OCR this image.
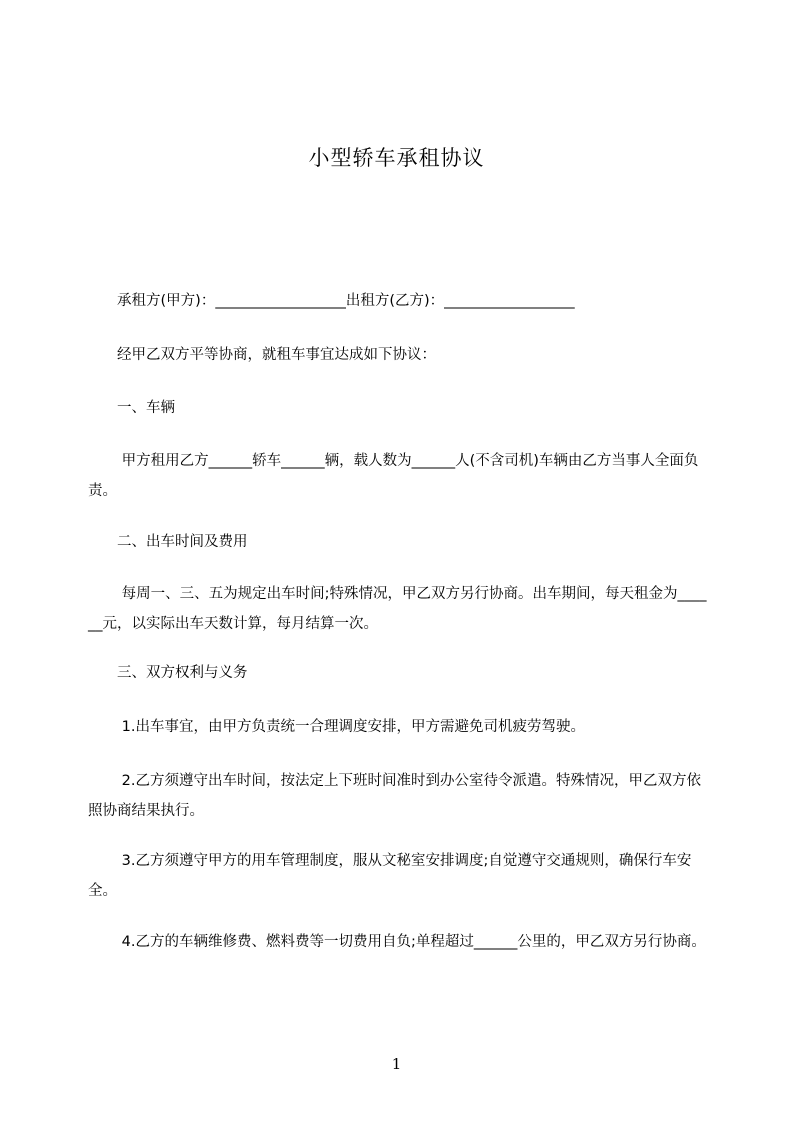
小型轿车承租协议
　　承租方(甲方)：__________________出租方(乙方)：__________________
　　经甲乙双方平等协商，就租车事宜达成如下协议：
　　一、车辆
　　 甲方租用乙方______轿车______辆，载人数为______人(不含司机)车辆由乙方当事人全面负责。
　　二、出车时间及费用
　　 每周一、三、五为规定出车时间;特殊情况，甲乙双方另行协商。出车期间，每天租金为______元，以实际出车天数计算，每月结算一次。
　　三、双方权利与义务
　　 1.出车事宜，由甲方负责统一合理调度安排，甲方需避免司机疲劳驾驶。
　　 2.乙方须遵守出车时间，按法定上下班时间准时到办公室待令派遣。特殊情况，甲乙双方依照协商结果执行。
　　 3.乙方须遵守甲方的用车管理制度，服从文秘室安排调度;自觉遵守交通规则，确保行车安全。
　　 4.乙方的车辆维修费、燃料费等一切费用自负;单程超过______公里的，甲乙双方另行协商。
1
